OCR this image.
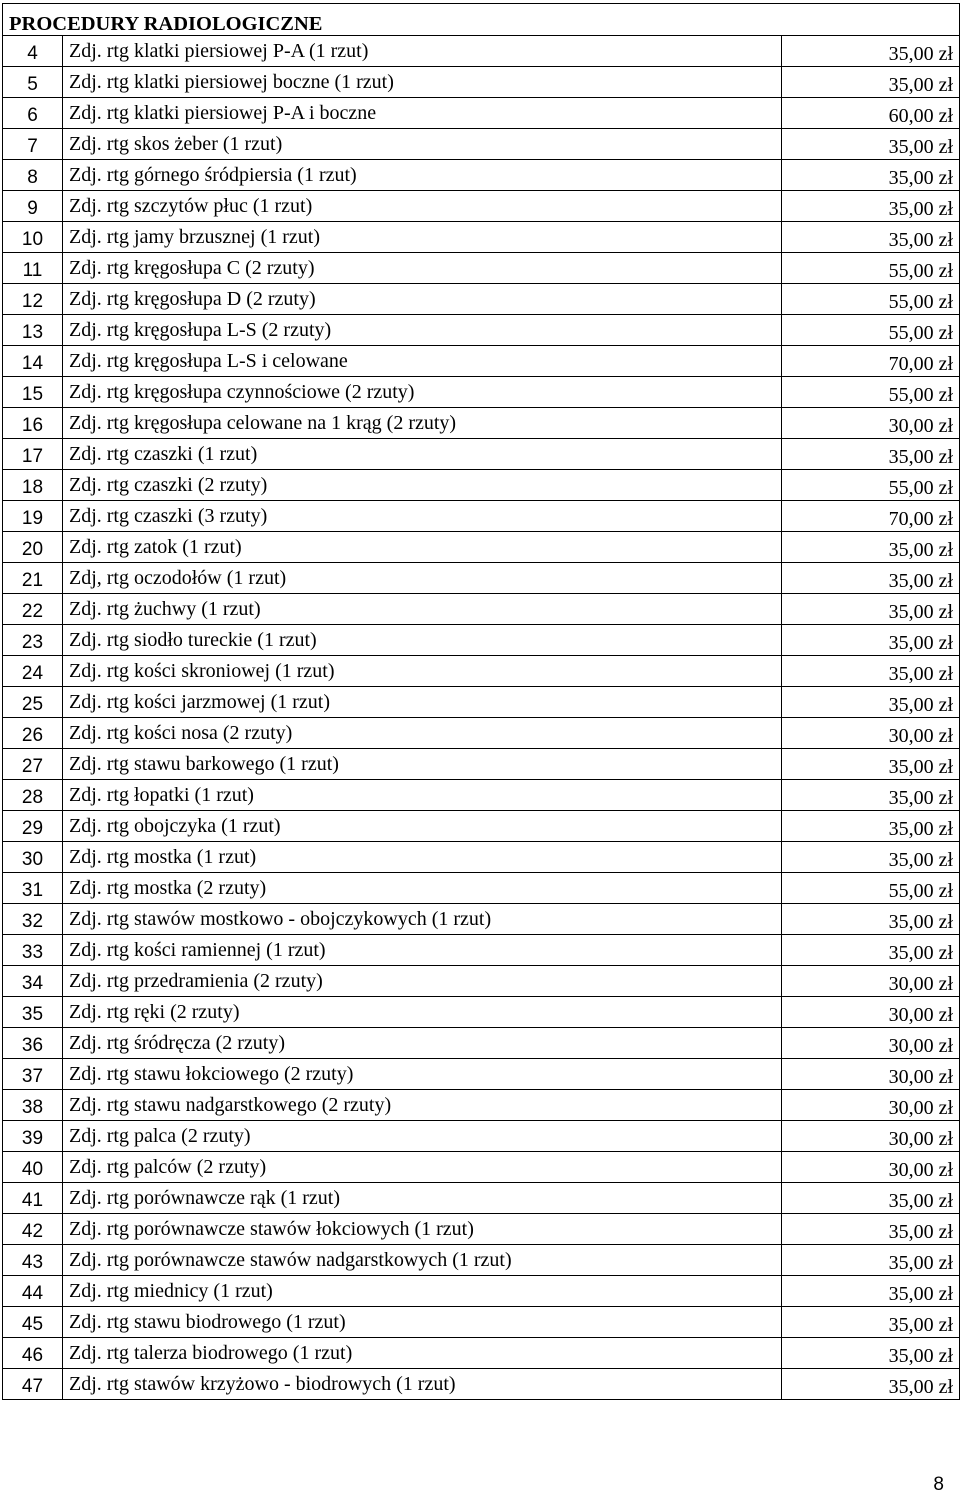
PROCEDURY RADIOLOGICZNE		
4	Zdj. rtg klatki piersiowej P-A (1 rzut)	35,00 zł
5	Zdj. rtg klatki piersiowej boczne (1 rzut)	35,00 zł
6	Zdj. rtg klatki piersiowej P-A i boczne	60,00 zł
7	Zdj. rtg skos żeber (1 rzut)	35,00 zł
8	Zdj. rtg górnego śródpiersia (1 rzut)	35,00 zł
9	Zdj. rtg szczytów płuc (1 rzut)	35,00 zł
10	Zdj. rtg jamy brzusznej (1 rzut)	35,00 zł
11	Zdj. rtg kręgosłupa C (2 rzuty)	55,00 zł
12	Zdj. rtg kręgosłupa D (2 rzuty)	55,00 zł
13	Zdj. rtg kręgosłupa L-S (2 rzuty)	55,00 zł
14	Zdj. rtg kręgosłupa L-S i celowane	70,00 zł
15	Zdj. rtg kręgosłupa czynnościowe (2 rzuty)	55,00 zł
16	Zdj. rtg kręgosłupa celowane na 1 krąg (2 rzuty)	30,00 zł
17	Zdj. rtg czaszki (1 rzut)	35,00 zł
18	Zdj. rtg czaszki (2 rzuty)	55,00 zł
19	Zdj. rtg czaszki (3 rzuty)	70,00 zł
20	Zdj. rtg zatok (1 rzut)	35,00 zł
21	Zdj, rtg oczodołów (1 rzut)	35,00 zł
22	Zdj. rtg żuchwy (1 rzut)	35,00 zł
23	Zdj. rtg siodło tureckie (1 rzut)	35,00 zł
24	Zdj. rtg kości skroniowej (1 rzut)	35,00 zł
25	Zdj. rtg kości jarzmowej (1 rzut)	35,00 zł
26	Zdj. rtg kości nosa (2 rzuty)	30,00 zł
27	Zdj. rtg stawu barkowego (1 rzut)	35,00 zł
28	Zdj. rtg łopatki (1 rzut)	35,00 zł
29	Zdj. rtg obojczyka (1 rzut)	35,00 zł
30	Zdj. rtg mostka (1 rzut)	35,00 zł
31	Zdj. rtg mostka (2 rzuty)	55,00 zł
32	Zdj. rtg stawów mostkowo - obojczykowych (1 rzut)	35,00 zł
33	Zdj. rtg kości ramiennej (1 rzut)	35,00 zł
34	Zdj. rtg przedramienia (2 rzuty)	30,00 zł
35	Zdj. rtg ręki (2 rzuty)	30,00 zł
36	Zdj. rtg śródręcza (2 rzuty)	30,00 zł
37	Zdj. rtg stawu łokciowego (2 rzuty)	30,00 zł
38	Zdj. rtg stawu nadgarstkowego (2 rzuty)	30,00 zł
39	Zdj. rtg palca (2 rzuty)	30,00 zł
40	Zdj. rtg palców (2 rzuty)	30,00 zł
41	Zdj. rtg porównawcze rąk (1 rzut)	35,00 zł
42	Zdj. rtg porównawcze stawów łokciowych (1 rzut)	35,00 zł
43	Zdj. rtg porównawcze stawów nadgarstkowych (1 rzut)	35,00 zł
44	Zdj. rtg miednicy (1 rzut)	35,00 zł
45	Zdj. rtg stawu biodrowego (1 rzut)	35,00 zł
46	Zdj. rtg talerza biodrowego (1 rzut)	35,00 zł
47	Zdj. rtg stawów krzyżowo - biodrowych (1 rzut)	35,00 zł
8
